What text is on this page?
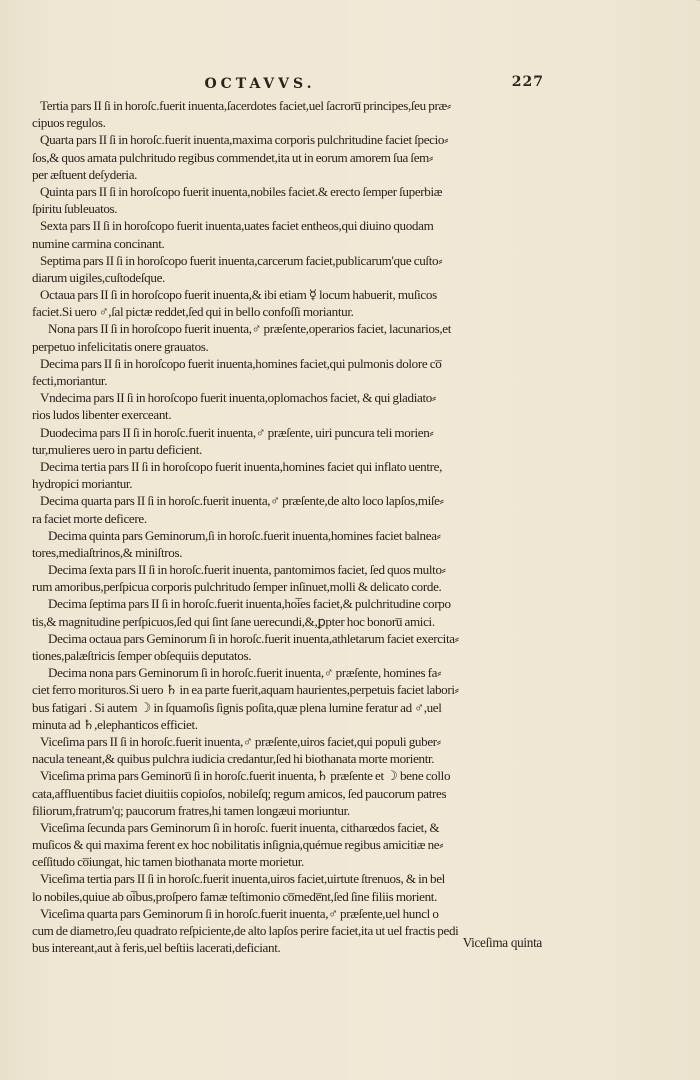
OCTAVVS.	227
Tertia pars II ſi in horoſc.fuerit inuenta,ſacerdotes faciet,uel ſacroru̅ principes,ſeu præ⸗
cipuos regulos.
Quarta pars II ſi in horoſc.fuerit inuenta,maxima corporis pulchritudine faciet ſpecio⸗
ſos,& quos amata pulchritudo regibus commendet,ita ut in eorum amorem ſua ſem⸗
per æſtuent deſyderia.
Quinta pars II ſi in horoſcopo fuerit inuenta,nobiles faciet.& erecto ſemper ſuperbiæ
ſpiritu ſubleuatos.
Sexta pars II ſi in horoſcopo fuerit inuenta,uates faciet entheos,qui diuino quodam
numine carmina concinant.
Septima pars II ſi in horoſcopo fuerit inuenta,carcerum faciet,publicarum'que cuſto⸗
diarum uigiles,cuſtodeſque.
Octaua pars II ſi in horoſcopo fuerit inuenta,& ibi etiam ☿ locum habuerit, muſicos
faciet.Si uero ♂,ſal pictæ reddet,ſed qui in bello confoſſi moriantur.
Nona pars II ſi in horoſcopo fuerit inuenta,♂ præſente,operarios faciet, lacunarios,et
perpetuo infelicitatis onere grauatos.
Decima pars II ſi in horoſcopo fuerit inuenta,homines faciet,qui pulmonis dolore co̅
fecti,moriantur.
Vndecima pars II ſi in horoſcopo fuerit inuenta,oplomachos faciet, & qui gladiato⸗
rios ludos libenter exerceant.
Duodecima pars II ſi in horoſc.fuerit inuenta,♂ præſente, uiri puncura teli morien⸗
tur,mulieres uero in partu deficient.
Decima tertia pars II ſi in horoſcopo fuerit inuenta,homines faciet qui inflato uentre,
hydropici moriantur.
Decima quarta pars II ſi in horoſc.fuerit inuenta,♂ præſente,de alto loco lapſos,miſe⸗
ra faciet morte deficere.
Decima quinta pars Geminorum,ſi in horoſc.fuerit inuenta,homines faciet balnea⸗
tores,mediaſtrinos,& miniſtros.
Decima ſexta pars II ſi in horoſc.fuerit inuenta, pantomimos faciet, ſed quos multo⸗
rum amoribus,perſpicua corporis pulchritudo ſemper inſinuet,molli & delicato corde.
Decima ſeptima pars II ſi in horoſc.fuerit inuenta,hoi̅es faciet,& pulchritudine corpo
tis,& magnitudine perſpicuos,ſed qui ſint ſane uerecundi,&,ꝑpter hoc bonoru̅ amici.
Decima octaua pars Geminorum ſi in horoſc.fuerit inuenta,athletarum faciet exercita⸗
tiones,palæſtricis ſemper obſequiis deputatos.
Decima nona pars Geminorum ſi in horoſc.fuerit inuenta,♂ præſente, homines fa⸗
ciet ferro morituros.Si uero ♄ in ea parte fuerit,aquam haurientes,perpetuis faciet labori⸗
bus fatigari . Si autem ☽ in ſquamoſis ſignis poſita,quæ plena lumine feratur ad ♂,uel
minuta ad ♄,elephanticos efficiet.
Viceſima pars II ſi in horoſc.fuerit inuenta,♂ præſente,uiros faciet,qui populi guber⸗
nacula teneant,& quibus pulchra iudicia credantur,ſed hi biothanata morte morientr.
Viceſima prima pars Geminoru̅ ſi in horoſc.fuerit inuenta,♄ præſente et ☽ bene collo
cata,affluentibus faciet diuitiis copioſos, nobileſq; regum amicos, ſed paucorum patres
filiorum,fratrum'q; paucorum fratres,hi tamen longæui moriuntur.
Viceſima ſecunda pars Geminorum ſi in horoſc. fuerit inuenta, citharœdos faciet, &
muſicos & qui maxima ferent ex hoc nobilitatis inſignia,quémue regibus amicitiæ ne⸗
ceſſitudo co̅iungat, hic tamen biothanata morte morietur.
Viceſima tertia pars II ſi in horoſc.fuerit inuenta,uiros faciet,uirtute ſtrenuos, & in bel
lo nobiles,quiue ab oi̅bus,proſpero famæ teſtimonio co̅mede̅nt,ſed ſine filiis morient.
Viceſima quarta pars Geminorum ſi in horoſc.fuerit inuenta,♂ præſente,uel huncl o
cum de diametro,ſeu quadrato reſpiciente,de alto lapſos perire faciet,ita ut uel fractis pedi
bus intereant,aut à feris,uel beſtiis lacerati,deficiant.	Viceſima quinta
